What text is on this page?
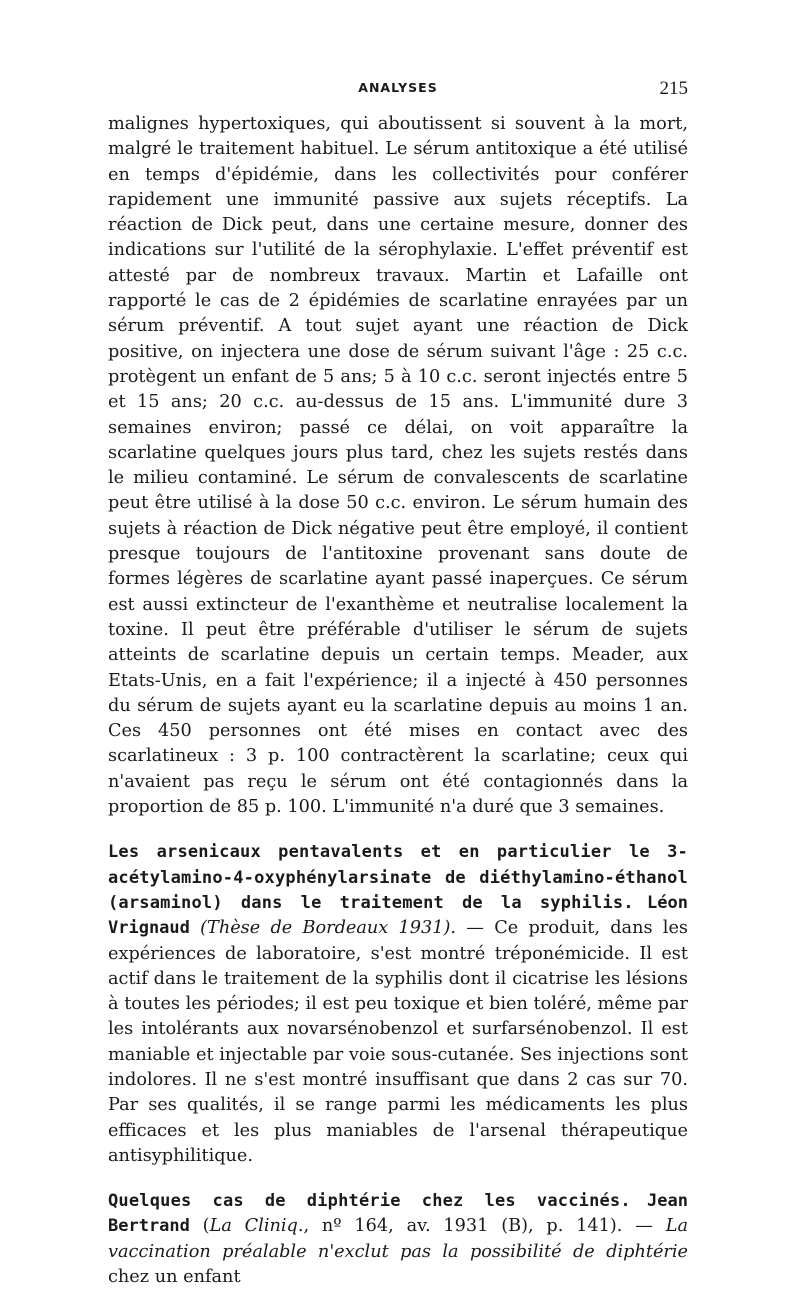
ANALYSES	215

malignes hypertoxiques, qui aboutissent si souvent à la mort, malgré le traitement habituel. Le sérum antitoxique a été utilisé en temps d'épidémie, dans les collectivités pour conférer rapidement une immunité passive aux sujets réceptifs. La réaction de Dick peut, dans une certaine mesure, donner des indications sur l'utilité de la sérophylaxie. L'effet préventif est attesté par de nombreux travaux. Martin et Lafaille ont rapporté le cas de 2 épidémies de scarlatine enrayées par un sérum préventif. A tout sujet ayant une réaction de Dick positive, on injectera une dose de sérum suivant l'âge : 25 c.c. protègent un enfant de 5 ans; 5 à 10 c.c. seront injectés entre 5 et 15 ans; 20 c.c. au-dessus de 15 ans. L'immunité dure 3 semaines environ; passé ce délai, on voit apparaître la scarlatine quelques jours plus tard, chez les sujets restés dans le milieu contaminé. Le sérum de convalescents de scarlatine peut être utilisé à la dose 50 c.c. environ. Le sérum humain des sujets à réaction de Dick négative peut être employé, il contient presque toujours de l'antitoxine provenant sans doute de formes légères de scarlatine ayant passé inaperçues. Ce sérum est aussi extincteur de l'exanthème et neutralise localement la toxine. Il peut être préférable d'utiliser le sérum de sujets atteints de scarlatine depuis un certain temps. Meader, aux Etats-Unis, en a fait l'expérience; il a injecté à 450 personnes du sérum de sujets ayant eu la scarlatine depuis au moins 1 an. Ces 450 personnes ont été mises en contact avec des scarlatineux : 3 p. 100 contractèrent la scarlatine; ceux qui n'avaient pas reçu le sérum ont été contagionnés dans la proportion de 85 p. 100. L'immunité n'a duré que 3 semaines.

Les arsenicaux pentavalents et en particulier le 3-acétylamino-4-oxyphénylarsinate de diéthylamino-éthanol (arsaminol) dans le traitement de la syphilis. Léon Vrignaud (Thèse de Bordeaux 1931). — Ce produit, dans les expériences de laboratoire, s'est montré tréponémicide. Il est actif dans le traitement de la syphilis dont il cicatrise les lésions à toutes les périodes; il est peu toxique et bien toléré, même par les intolérants aux novarsénobenzol et surfarsénobenzol. Il est maniable et injectable par voie sous-cutanée. Ses injections sont indolores. Il ne s'est montré insuffisant que dans 2 cas sur 70. Par ses qualités, il se range parmi les médicaments les plus efficaces et les plus maniables de l'arsenal thérapeutique antisyphilitique.

Quelques cas de diphtérie chez les vaccinés. Jean Bertrand (La Cliniq., nº 164, av. 1931 (B), p. 141). — La vaccination préalable n'exclut pas la possibilité de diphtérie chez un enfant
